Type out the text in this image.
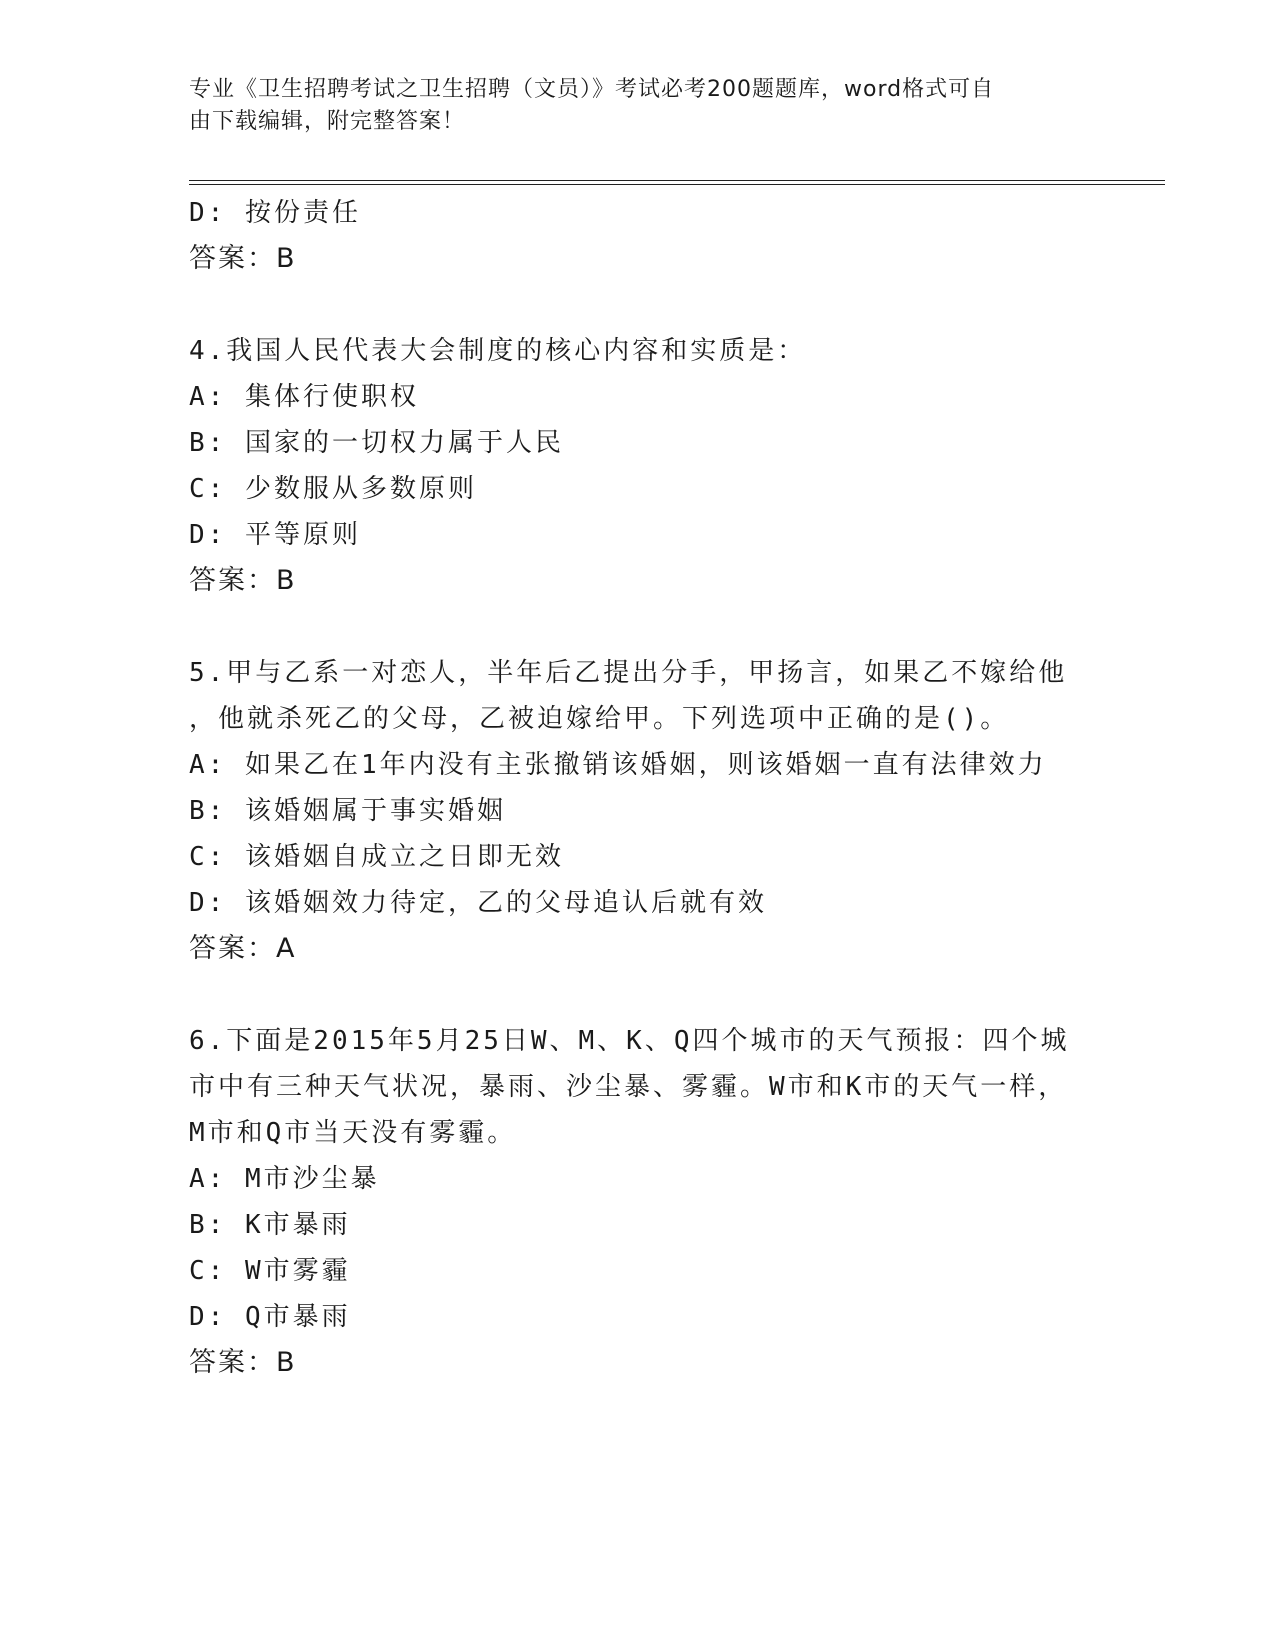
专业《卫生招聘考试之卫生招聘（文员）》考试必考200题题库，word格式可自
由下载编辑，附完整答案！
D: 按份责任
答案：B
4.我国人民代表大会制度的核心内容和实质是：
A: 集体行使职权
B: 国家的一切权力属于人民
C: 少数服从多数原则
D: 平等原则
答案：B
5.甲与乙系一对恋人，半年后乙提出分手，甲扬言，如果乙不嫁给他
，他就杀死乙的父母，乙被迫嫁给甲。下列选项中正确的是()。
A: 如果乙在1年内没有主张撤销该婚姻，则该婚姻一直有法律效力
B: 该婚姻属于事实婚姻
C: 该婚姻自成立之日即无效
D: 该婚姻效力待定，乙的父母追认后就有效
答案：A
6.下面是2015年5月25日W、M、K、Q四个城市的天气预报：四个城
市中有三种天气状况，暴雨、沙尘暴、雾霾。W市和K市的天气一样，
M市和Q市当天没有雾霾。
A: M市沙尘暴
B: K市暴雨
C: W市雾霾
D: Q市暴雨
答案：B
